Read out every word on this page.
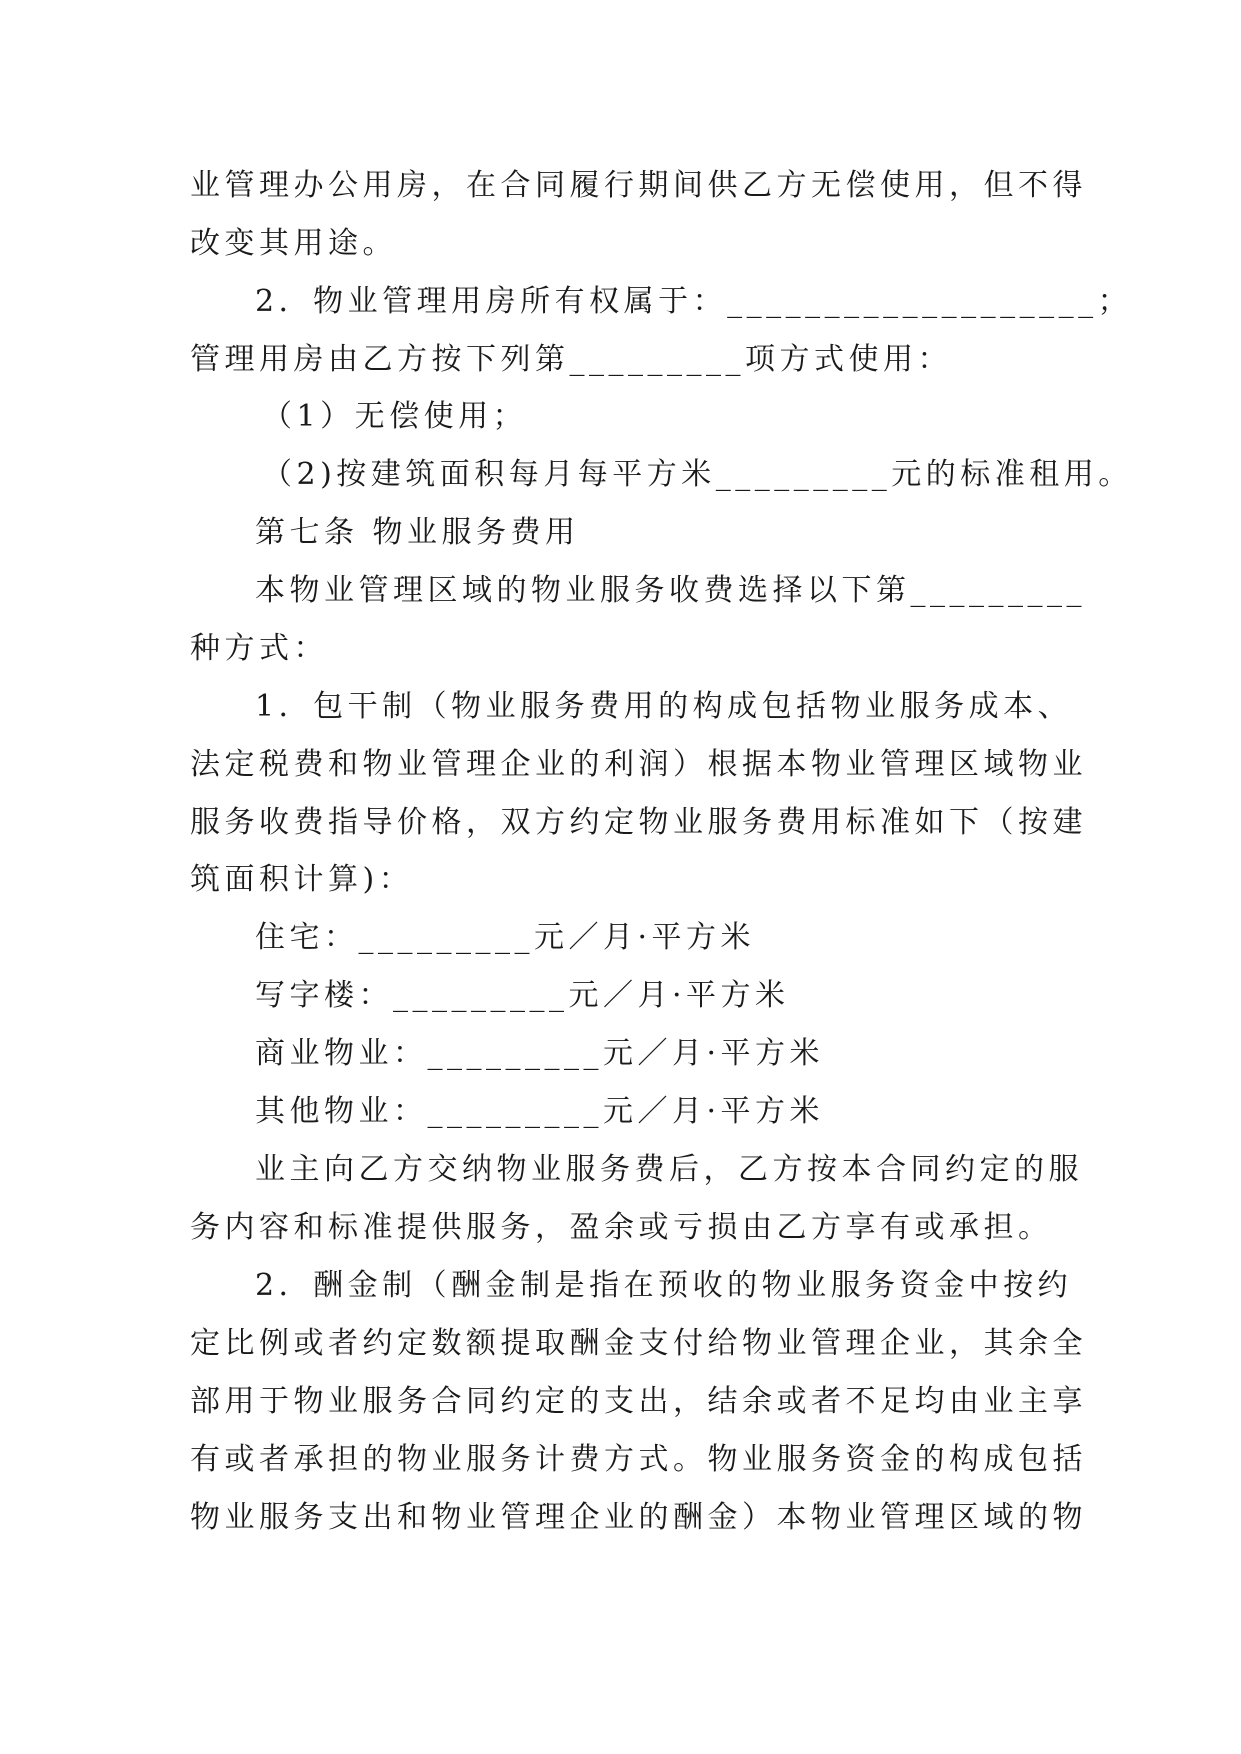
业管理办公用房，在合同履行期间供乙方无偿使用，但不得
改变其用途。
2．物业管理用房所有权属于：___________________；
管理用房由乙方按下列第_________项方式使用：
（1）无偿使用；
（2)按建筑面积每月每平方米_________元的标准租用。
第七条 物业服务费用
本物业管理区域的物业服务收费选择以下第_________
种方式：
1．包干制（物业服务费用的构成包括物业服务成本、
法定税费和物业管理企业的利润）根据本物业管理区域物业
服务收费指导价格，双方约定物业服务费用标准如下（按建
筑面积计算)：
住宅：_________元／月·平方米
写字楼：_________元／月·平方米
商业物业：_________元／月·平方米
其他物业：_________元／月·平方米
业主向乙方交纳物业服务费后，乙方按本合同约定的服
务内容和标准提供服务，盈余或亏损由乙方享有或承担。
2．酬金制（酬金制是指在预收的物业服务资金中按约
定比例或者约定数额提取酬金支付给物业管理企业，其余全
部用于物业服务合同约定的支出，结余或者不足均由业主享
有或者承担的物业服务计费方式。物业服务资金的构成包括
物业服务支出和物业管理企业的酬金）本物业管理区域的物
